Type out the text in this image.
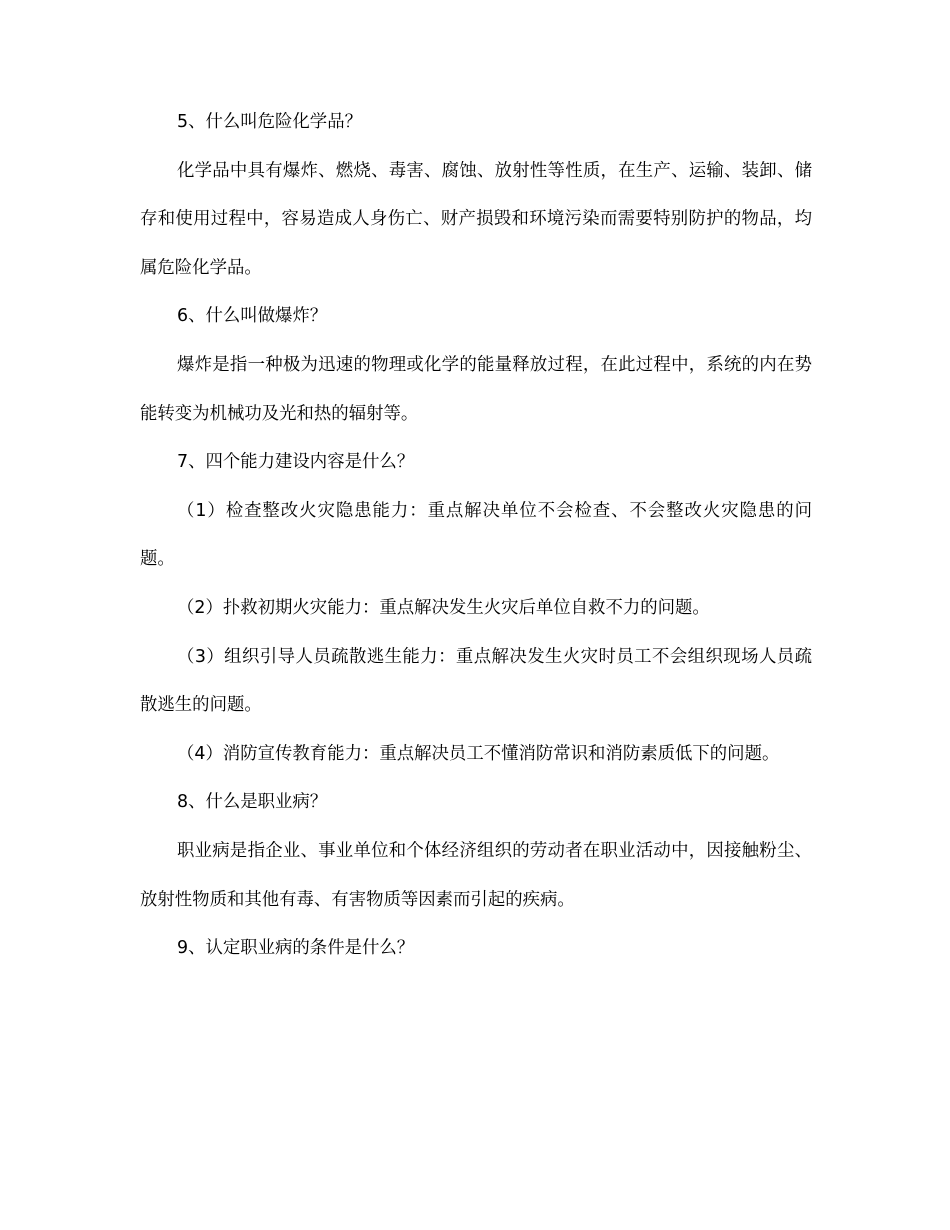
5、什么叫危险化学品？

化学品中具有爆炸、燃烧、毒害、腐蚀、放射性等性质，在生产、运输、装卸、储存和使用过程中，容易造成人身伤亡、财产损毁和环境污染而需要特别防护的物品，均属危险化学品。

6、什么叫做爆炸？

爆炸是指一种极为迅速的物理或化学的能量释放过程，在此过程中，系统的内在势能转变为机械功及光和热的辐射等。

7、四个能力建设内容是什么？

（1）检查整改火灾隐患能力：重点解决单位不会检查、不会整改火灾隐患的问题。

（2）扑救初期火灾能力：重点解决发生火灾后单位自救不力的问题。

（3）组织引导人员疏散逃生能力：重点解决发生火灾时员工不会组织现场人员疏散逃生的问题。

（4）消防宣传教育能力：重点解决员工不懂消防常识和消防素质低下的问题。

8、什么是职业病？

职业病是指企业、事业单位和个体经济组织的劳动者在职业活动中，因接触粉尘、放射性物质和其他有毒、有害物质等因素而引起的疾病。

9、认定职业病的条件是什么？
